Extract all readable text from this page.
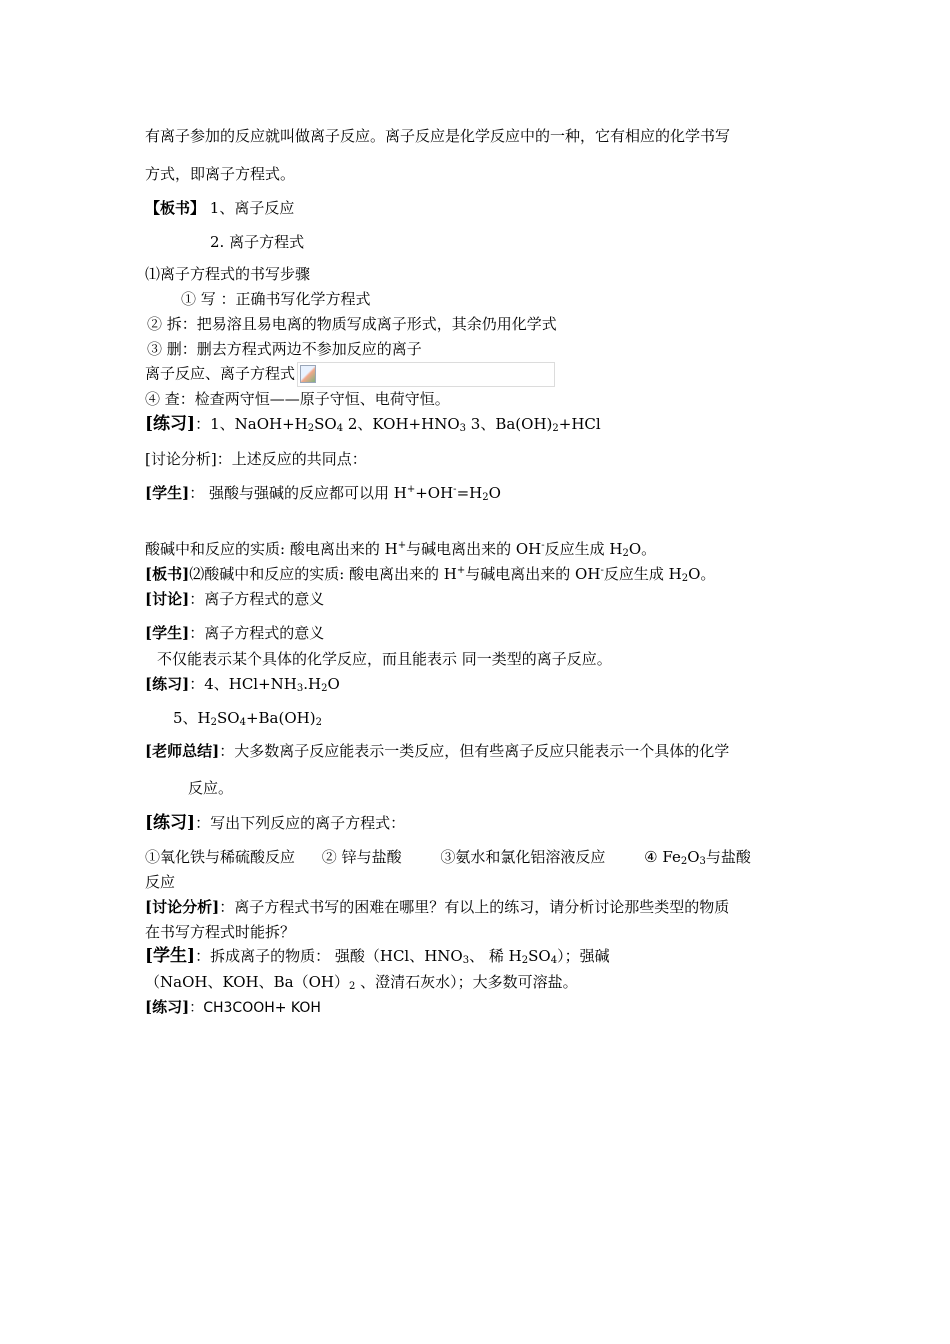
有离子参加的反应就叫做离子反应。离子反应是化学反应中的一种，它有相应的化学书写
方式，即离子方程式。
【板书】 1、离子反应
2. 离子方程式
⑴离子方程式的书写步骤
① 写 ：正确书写化学方程式
② 拆：把易溶且易电离的物质写成离子形式，其余仍用化学式
③ 删：删去方程式两边不参加反应的离子
离子反应、离子方程式
④ 查：检查两守恒——原子守恒、电荷守恒。
[练习]：1、$NaOH+H_2SO_4$ 2、$KOH+HNO_3$ 3、$Ba(OH)_2+HCl$
[讨论分析]：上述反应的共同点：
[学生]： 强酸与强碱的反应都可以用 $H^++OH^-=H_2O$
酸碱中和反应的实质: 酸电离出来的 H+与碱电离出来的 OH-反应生成 $H_2O$。
[板书]⑵酸碱中和反应的实质: 酸电离出来的 H+与碱电离出来的 OH-反应生成 $H_2O$。
[讨论]：离子方程式的意义
[学生]：离子方程式的意义
不仅能表示某个具体的化学反应，而且能表示 同一类型的离子反应。
[练习]：4、$HCl+NH_3.H_2O$
5、$H_2SO_4+Ba(OH)_2$
[老师总结]：大多数离子反应能表示一类反应，但有些离子反应只能表示一个具体的化学
反应。
[练习]：写出下列反应的离子方程式：
①氧化铁与稀硫酸反应 ② 锌与盐酸	③氨水和氯化铝溶液反应	④ $Fe_2O_3$与盐酸
反应
[讨论分析]：离子方程式书写的困难在哪里？有以上的练习，请分析讨论那些类型的物质
在书写方程式时能拆？
[学生]：拆成离子的物质： 强酸（HCl、$HNO_3$、 稀 $H_2SO_4$）；强碱
（NaOH、KOH、$Ba(OH)_2$ 、澄清石灰水）；大多数可溶盐。
[练习]：CH3COOH+ KOH
